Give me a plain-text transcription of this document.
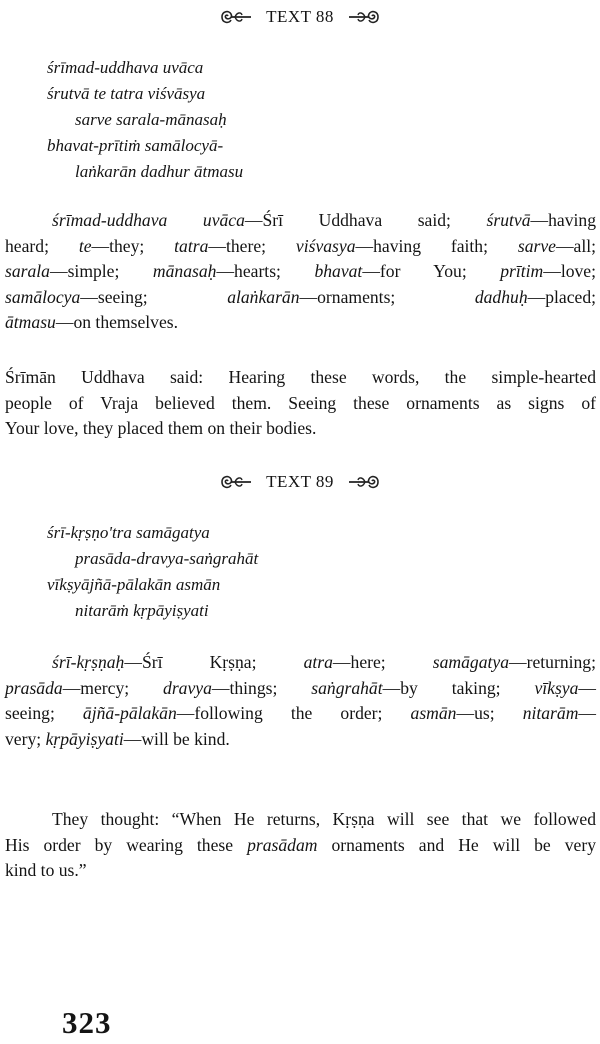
TEXT 88
śrīmad-uddhava uvāca
śrutvā te tatra viśvāsya
sarve sarala-mānasaḥ
bhavat-prītiṁ samālocyā-
laṅkarān dadhur ātmasu
śrīmad-uddhava uvāca—Śrī Uddhava said; śrutvā—having
heard; te—they; tatra—there; viśvasya—having faith; sarve—all;
sarala—simple; mānasaḥ—hearts; bhavat—for You; prītim—love;
samālocya—seeing; alaṅkarān—ornaments; dadhuḥ—placed;
ātmasu—on themselves.
Śrīmān Uddhava said: Hearing these words, the simple-hearted
people of Vraja believed them. Seeing these ornaments as signs of
Your love, they placed them on their bodies.
TEXT 89
śrī-kṛṣṇo'tra samāgatya
prasāda-dravya-saṅgrahāt
vīkṣyājñā-pālakān asmān
nitarāṁ kṛpāyiṣyati
śrī-kṛṣṇaḥ—Śrī Kṛṣṇa; atra—here; samāgatya—returning;
prasāda—mercy; dravya—things; saṅgrahāt—by taking; vīkṣya—
seeing; ājñā-pālakān—following the order; asmān—us; nitarām—
very; kṛpāyiṣyati—will be kind.
They thought: “When He returns, Kṛṣṇa will see that we followed
His order by wearing these prasādam ornaments and He will be very
kind to us.”
323
